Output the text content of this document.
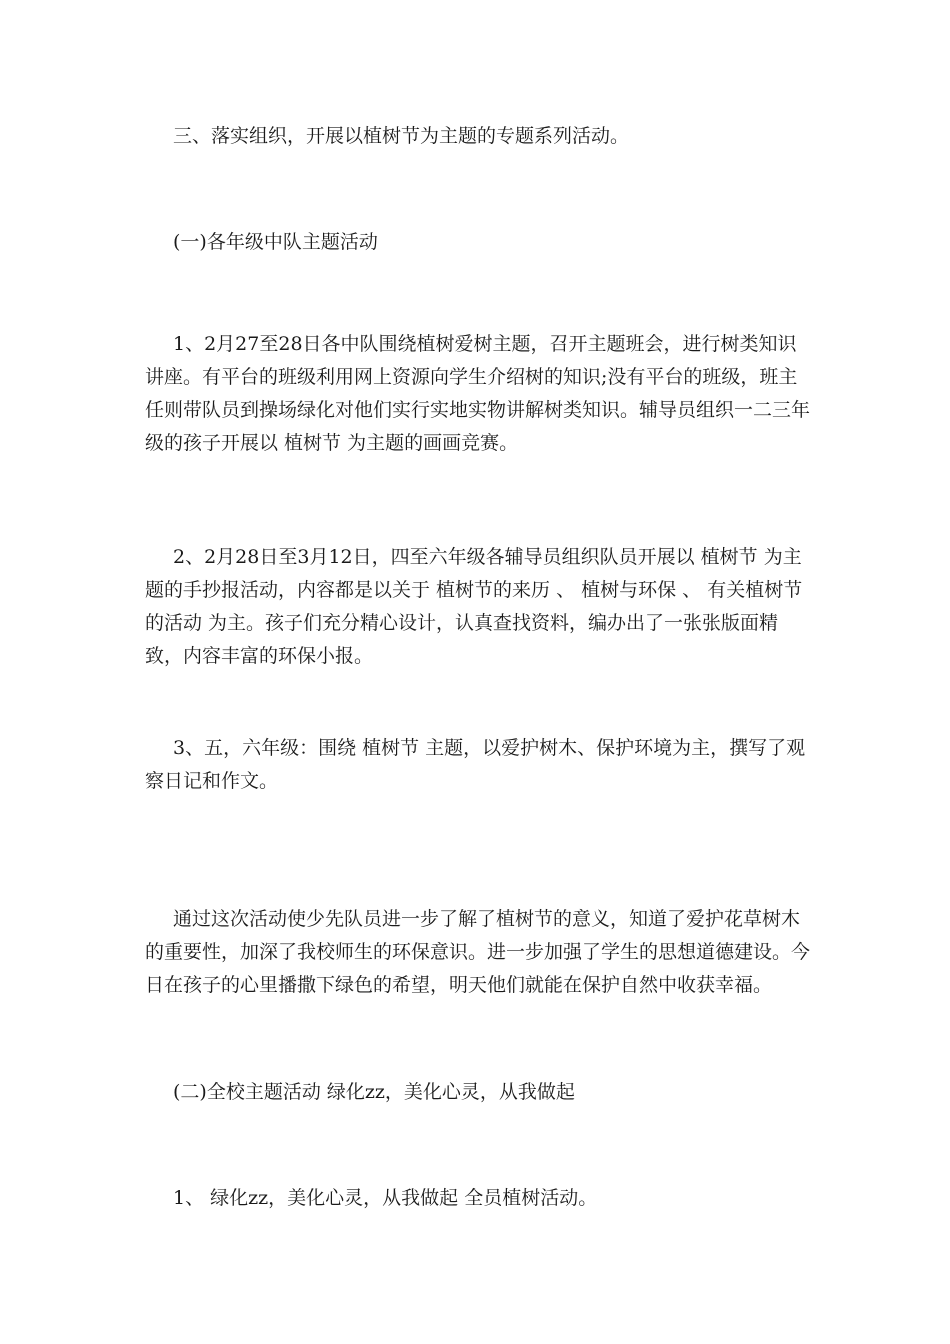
三、落实组织，开展以植树节为主题的专题系列活动。

(一)各年级中队主题活动

1、2月27至28日各中队围绕植树爱树主题，召开主题班会，进行树类知识讲座。有平台的班级利用网上资源向学生介绍树的知识;没有平台的班级，班主任则带队员到操场绿化对他们实行实地实物讲解树类知识。辅导员组织一二三年级的孩子开展以 植树节 为主题的画画竞赛。

2、2月28日至3月12日，四至六年级各辅导员组织队员开展以 植树节 为主题的手抄报活动，内容都是以关于 植树节的来历 、 植树与环保 、 有关植树节的活动 为主。孩子们充分精心设计，认真查找资料，编办出了一张张版面精致，内容丰富的环保小报。

3、五，六年级：围绕 植树节 主题，以爱护树木、保护环境为主，撰写了观察日记和作文。

通过这次活动使少先队员进一步了解了植树节的意义，知道了爱护花草树木的重要性，加深了我校师生的环保意识。进一步加强了学生的思想道德建设。今日在孩子的心里播撒下绿色的希望，明天他们就能在保护自然中收获幸福。

(二)全校主题活动 绿化zz，美化心灵，从我做起

1、 绿化zz，美化心灵，从我做起 全员植树活动。
